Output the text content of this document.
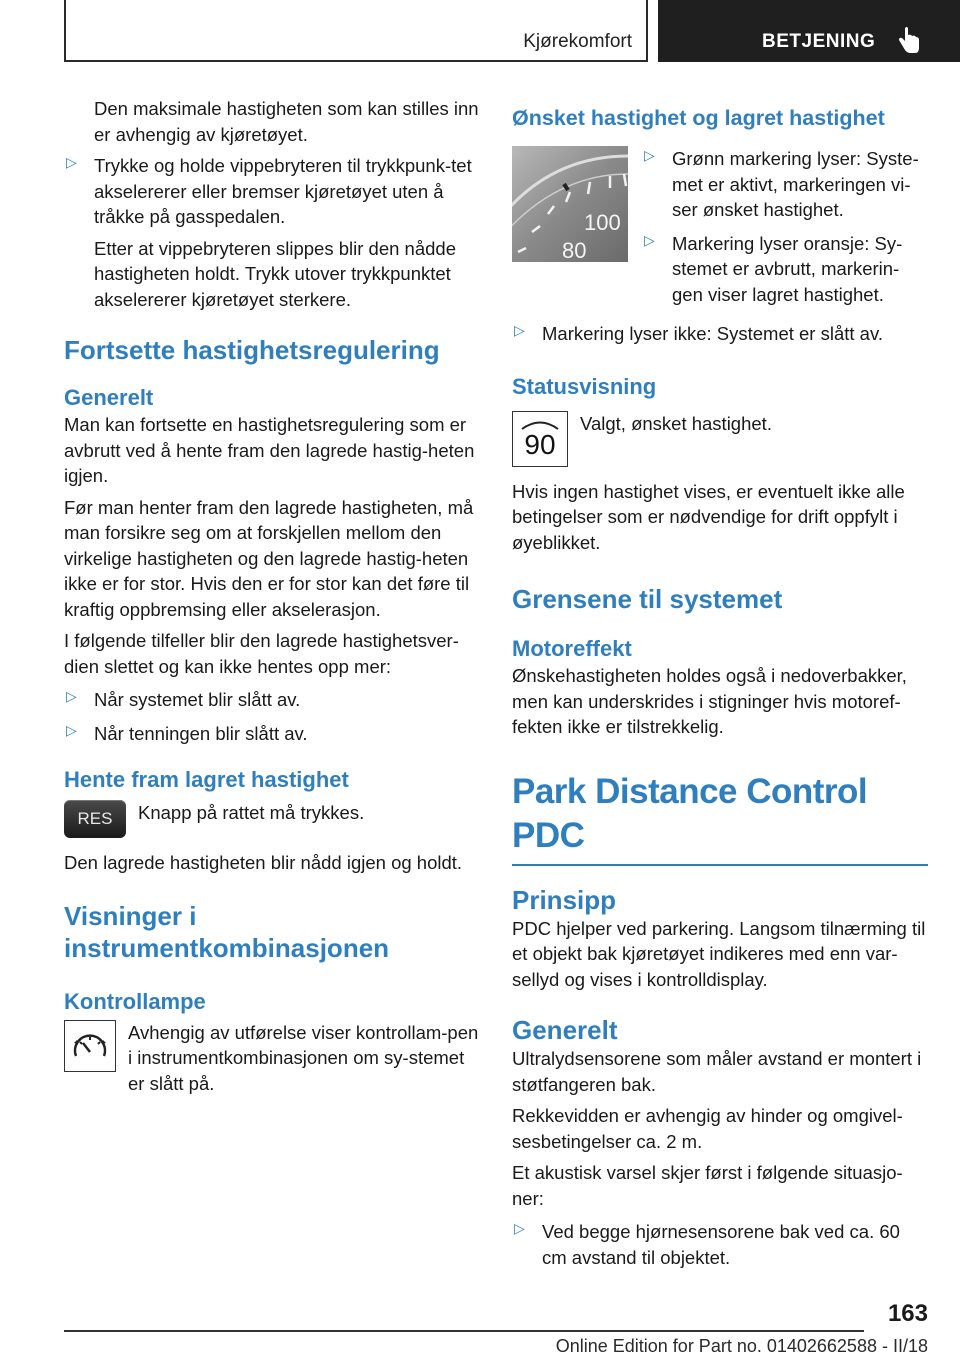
Kjørekomfort	BETJENING

Den maksimale hastigheten som kan stilles inn er avhengig av kjøretøyet.

▷ Trykke og holde vippebryteren til trykkpunk-tet akselererer eller bremser kjøretøyet uten å tråkke på gasspedalen.

Etter at vippebryteren slippes blir den nådde hastigheten holdt. Trykk utover trykkpunktet akselererer kjøretøyet sterkere.

Fortsette hastighetsregulering
Generelt

Man kan fortsette en hastighetsregulering som er avbrutt ved å hente fram den lagrede hastig-heten igjen.

Før man henter fram den lagrede hastigheten, må man forsikre seg om at forskjellen mellom den virkelige hastigheten og den lagrede hastig-heten ikke er for stor. Hvis den er for stor kan det føre til kraftig oppbremsing eller akselerasjon.

I følgende tilfeller blir den lagrede hastighetsver-dien slettet og kan ikke hentes opp mer:

▷ Når systemet blir slått av.

▷ Når tenningen blir slått av.

Hente fram lagret hastighet
RES	Knapp på rattet må trykkes.

Den lagrede hastigheten blir nådd igjen og holdt.

Visninger i
instrumentkombinasjonen
Kontrollampe

Avhengig av utførelse viser kontrollam-pen i instrumentkombinasjonen om sy-stemet er slått på.

Ønsket hastighet og lagret hastighet
100
80
▷ Grønn markering lyser: Syste-met er aktivt, markeringen vi-ser ønsket hastighet.

▷ Markering lyser oransje: Sy-stemet er avbrutt, markerin-gen viser lagret hastighet.

▷ Markering lyser ikke: Systemet er slått av.

Statusvisning
90

Valgt, ønsket hastighet.

Hvis ingen hastighet vises, er eventuelt ikke alle betingelser som er nødvendige for drift oppfylt i øyeblikket.

Grensene til systemet
Motoreffekt

Ønskehastigheten holdes også i nedoverbakker, men kan underskrides i stigninger hvis motoref-fekten ikke er tilstrekkelig.

Park Distance Control PDC
Prinsipp

PDC hjelper ved parkering. Langsom tilnærming til et objekt bak kjøretøyet indikeres med enn var-sellyd og vises i kontrolldisplay.

Generelt

Ultralydsensorene som måler avstand er montert i støtfangeren bak.

Rekkevidden er avhengig av hinder og omgivel-sesbetingelser ca. 2 m.

Et akustisk varsel skjer først i følgende situasjo-ner:

▷ Ved begge hjørnesensorene bak ved ca. 60 cm avstand til objektet.

163
Online Edition for Part no. 01402662588 - II/18
